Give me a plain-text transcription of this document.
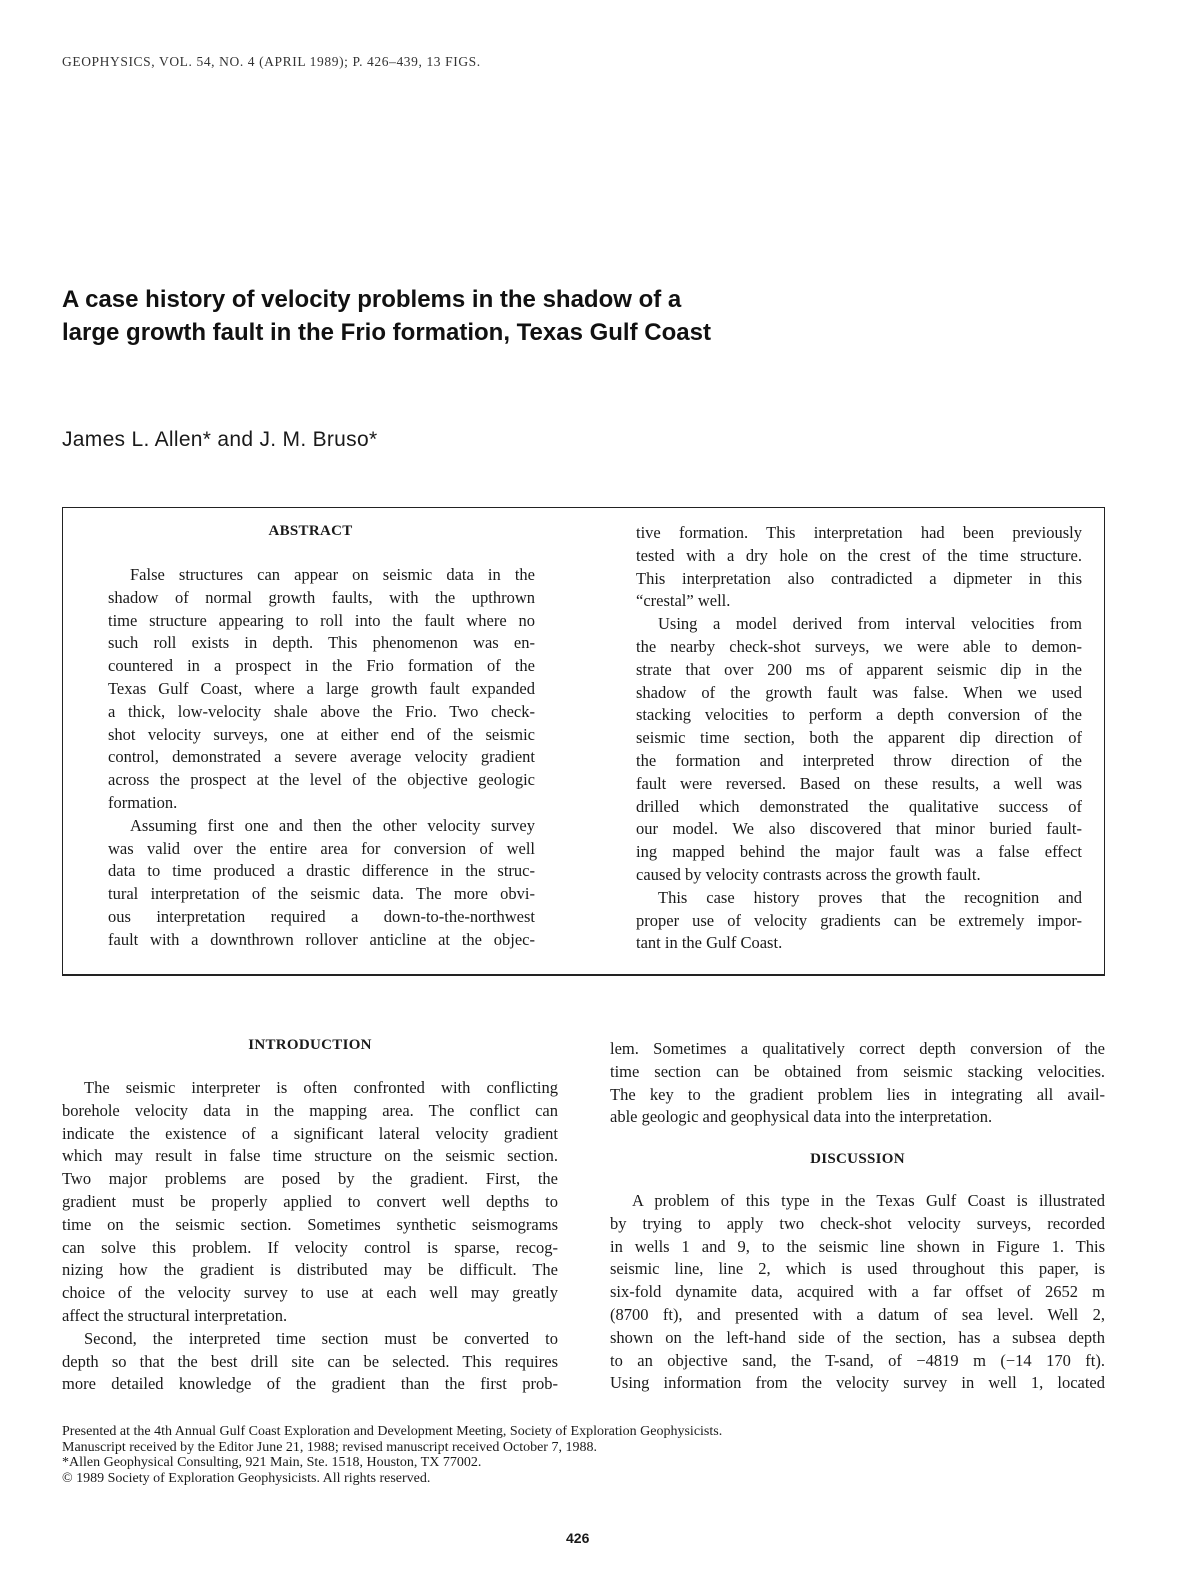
GEOPHYSICS, VOL. 54, NO. 4 (APRIL 1989); P. 426–439, 13 FIGS.
A case history of velocity problems in the shadow of a
large growth fault in the Frio formation, Texas Gulf Coast
James L. Allen* and J. M. Bruso*
ABSTRACT
False structures can appear on seismic data in the
shadow of normal growth faults, with the upthrown
time structure appearing to roll into the fault where no
such roll exists in depth. This phenomenon was en-
countered in a prospect in the Frio formation of the
Texas Gulf Coast, where a large growth fault expanded
a thick, low-velocity shale above the Frio. Two check-
shot velocity surveys, one at either end of the seismic
control, demonstrated a severe average velocity gradient
across the prospect at the level of the objective geologic
formation.
Assuming first one and then the other velocity survey
was valid over the entire area for conversion of well
data to time produced a drastic difference in the struc-
tural interpretation of the seismic data. The more obvi-
ous interpretation required a down-to-the-northwest
fault with a downthrown rollover anticline at the objec-
tive formation. This interpretation had been previously
tested with a dry hole on the crest of the time structure.
This interpretation also contradicted a dipmeter in this
“crestal” well.
Using a model derived from interval velocities from
the nearby check-shot surveys, we were able to demon-
strate that over 200 ms of apparent seismic dip in the
shadow of the growth fault was false. When we used
stacking velocities to perform a depth conversion of the
seismic time section, both the apparent dip direction of
the formation and interpreted throw direction of the
fault were reversed. Based on these results, a well was
drilled which demonstrated the qualitative success of
our model. We also discovered that minor buried fault-
ing mapped behind the major fault was a false effect
caused by velocity contrasts across the growth fault.
This case history proves that the recognition and
proper use of velocity gradients can be extremely impor-
tant in the Gulf Coast.
INTRODUCTION
The seismic interpreter is often confronted with conflicting
borehole velocity data in the mapping area. The conflict can
indicate the existence of a significant lateral velocity gradient
which may result in false time structure on the seismic section.
Two major problems are posed by the gradient. First, the
gradient must be properly applied to convert well depths to
time on the seismic section. Sometimes synthetic seismograms
can solve this problem. If velocity control is sparse, recog-
nizing how the gradient is distributed may be difficult. The
choice of the velocity survey to use at each well may greatly
affect the structural interpretation.
Second, the interpreted time section must be converted to
depth so that the best drill site can be selected. This requires
more detailed knowledge of the gradient than the first prob-
lem. Sometimes a qualitatively correct depth conversion of the
time section can be obtained from seismic stacking velocities.
The key to the gradient problem lies in integrating all avail-
able geologic and geophysical data into the interpretation.
DISCUSSION
A problem of this type in the Texas Gulf Coast is illustrated
by trying to apply two check-shot velocity surveys, recorded
in wells 1 and 9, to the seismic line shown in Figure 1. This
seismic line, line 2, which is used throughout this paper, is
six-fold dynamite data, acquired with a far offset of 2652 m
(8700 ft), and presented with a datum of sea level. Well 2,
shown on the left-hand side of the section, has a subsea depth
to an objective sand, the T-sand, of −4819 m (−14 170 ft).
Using information from the velocity survey in well 1, located
Presented at the 4th Annual Gulf Coast Exploration and Development Meeting, Society of Exploration Geophysicists.
Manuscript received by the Editor June 21, 1988; revised manuscript received October 7, 1988.
*Allen Geophysical Consulting, 921 Main, Ste. 1518, Houston, TX 77002.
© 1989 Society of Exploration Geophysicists. All rights reserved.
426
